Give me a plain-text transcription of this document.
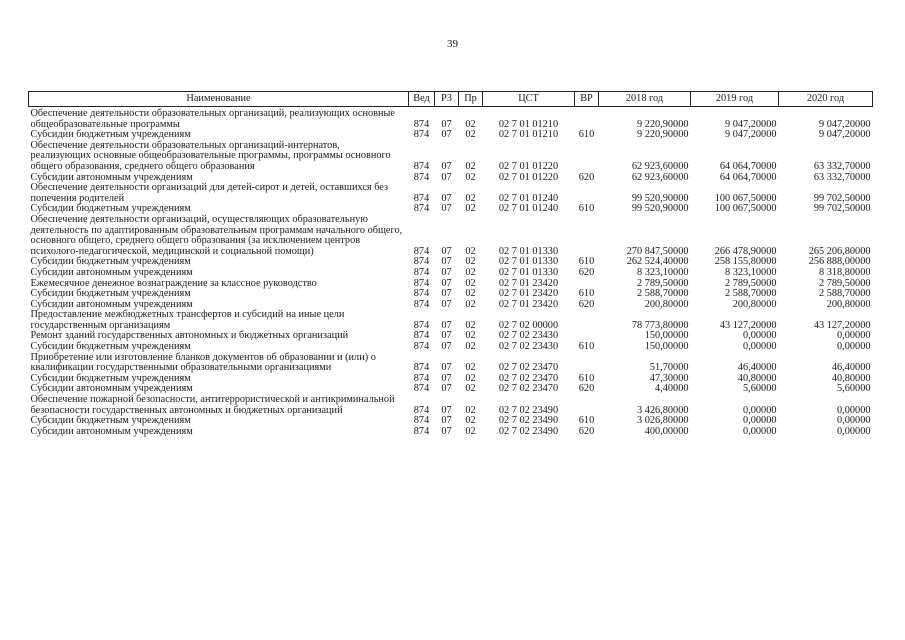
39
Наименование	Вед	РЗ	Пр	ЦСТ	ВР	2018 год	2019 год	2020 год
Обеспечение деятельности образовательных организаций, реализующих основные общеобразовательные программы	874	07	02	02 7 01 01210		9 220,90000	9 047,20000	9 047,20000
Субсидии бюджетным учреждениям	874	07	02	02 7 01 01210	610	9 220,90000	9 047,20000	9 047,20000
Обеспечение деятельности образовательных организаций-интернатов, реализующих основные общеобразовательные программы, программы основного общего образования, среднего общего образования	874	07	02	02 7 01 01220		62 923,60000	64 064,70000	63 332,70000
Субсидии автономным учреждениям	874	07	02	02 7 01 01220	620	62 923,60000	64 064,70000	63 332,70000
Обеспечение деятельности организаций для детей-сирот и детей, оставшихся без попечения родителей	874	07	02	02 7 01 01240		99 520,90000	100 067,50000	99 702,50000
Субсидии бюджетным учреждениям	874	07	02	02 7 01 01240	610	99 520,90000	100 067,50000	99 702,50000
Обеспечение деятельности организаций, осуществляющих образовательную деятельность по адаптированным образовательным программам начального общего, основного общего, среднего общего образования (за исключением центров психолого-педагогической, медицинской и социальной помощи)	874	07	02	02 7 01 01330		270 847,50000	266 478,90000	265 206,80000
Субсидии бюджетным учреждениям	874	07	02	02 7 01 01330	610	262 524,40000	258 155,80000	256 888,00000
Субсидии автономным учреждениям	874	07	02	02 7 01 01330	620	8 323,10000	8 323,10000	8 318,80000
Ежемесячное денежное вознаграждение за классное руководство	874	07	02	02 7 01 23420		2 789,50000	2 789,50000	2 789,50000
Субсидии бюджетным учреждениям	874	07	02	02 7 01 23420	610	2 588,70000	2 588,70000	2 588,70000
Субсидии автономным учреждениям	874	07	02	02 7 01 23420	620	200,80000	200,80000	200,80000
Предоставление межбюджетных трансфертов и субсидий на иные цели государственным организациям	874	07	02	02 7 02 00000		78 773,80000	43 127,20000	43 127,20000
Ремонт зданий государственных автономных и бюджетных организаций	874	07	02	02 7 02 23430		150,00000	0,00000	0,00000
Субсидии бюджетным учреждениям	874	07	02	02 7 02 23430	610	150,00000	0,00000	0,00000
Приобретение или изготовление бланков документов об образовании и (или) о квалификации государственными образовательными организациями	874	07	02	02 7 02 23470		51,70000	46,40000	46,40000
Субсидии бюджетным учреждениям	874	07	02	02 7 02 23470	610	47,30000	40,80000	40,80000
Субсидии автономным учреждениям	874	07	02	02 7 02 23470	620	4,40000	5,60000	5,60000
Обеспечение пожарной безопасности, антитеррористической и антикриминальной безопасности государственных автономных и бюджетных организаций	874	07	02	02 7 02 23490		3 426,80000	0,00000	0,00000
Субсидии бюджетным учреждениям	874	07	02	02 7 02 23490	610	3 026,80000	0,00000	0,00000
Субсидии автономным учреждениям	874	07	02	02 7 02 23490	620	400,00000	0,00000	0,00000
